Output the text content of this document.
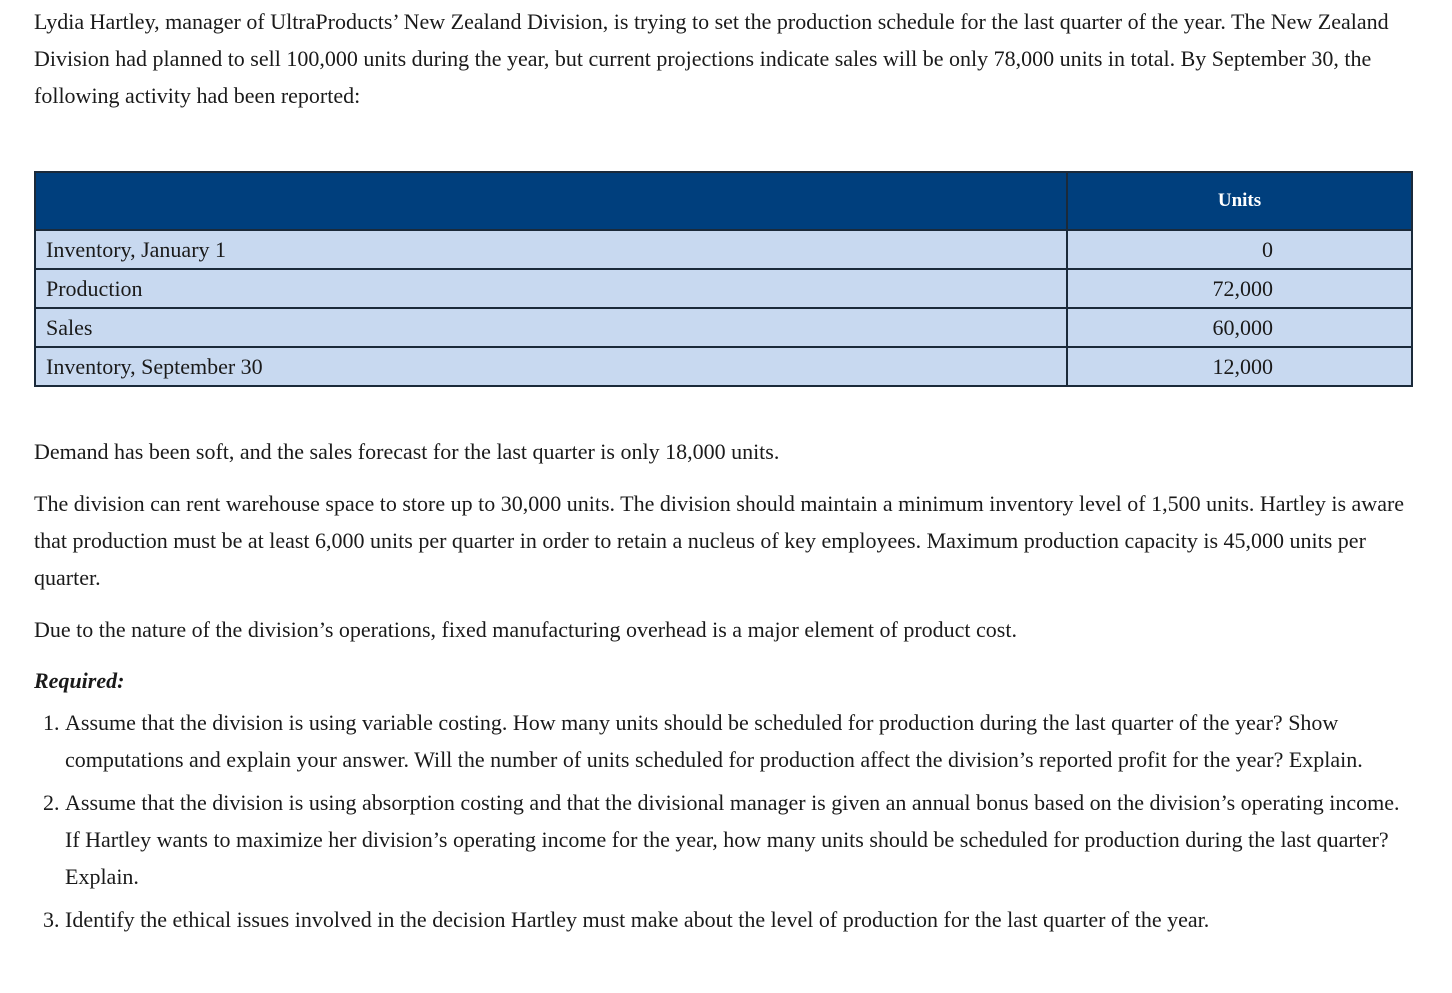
Lydia Hartley, manager of UltraProducts’ New Zealand Division, is trying to set the production schedule for the last quarter of the year. The New Zealand Division had planned to sell 100,000 units during the year, but current projections indicate sales will be only 78,000 units in total. By September 30, the following activity had been reported:

	Units
Inventory, January 1	0
Production	72,000
Sales	60,000
Inventory, September 30	12,000

Demand has been soft, and the sales forecast for the last quarter is only 18,000 units.

The division can rent warehouse space to store up to 30,000 units. The division should maintain a minimum inventory level of 1,500 units. Hartley is aware that production must be at least 6,000 units per quarter in order to retain a nucleus of key employees. Maximum production capacity is 45,000 units per quarter.

Due to the nature of the division’s operations, fixed manufacturing overhead is a major element of product cost.

Required:
1. Assume that the division is using variable costing. How many units should be scheduled for production during the last quarter of the year? Show computations and explain your answer. Will the number of units scheduled for production affect the division’s reported profit for the year? Explain.
2. Assume that the division is using absorption costing and that the divisional manager is given an annual bonus based on the division’s operating income. If Hartley wants to maximize her division’s operating income for the year, how many units should be scheduled for production during the last quarter? Explain.
3. Identify the ethical issues involved in the decision Hartley must make about the level of production for the last quarter of the year.
